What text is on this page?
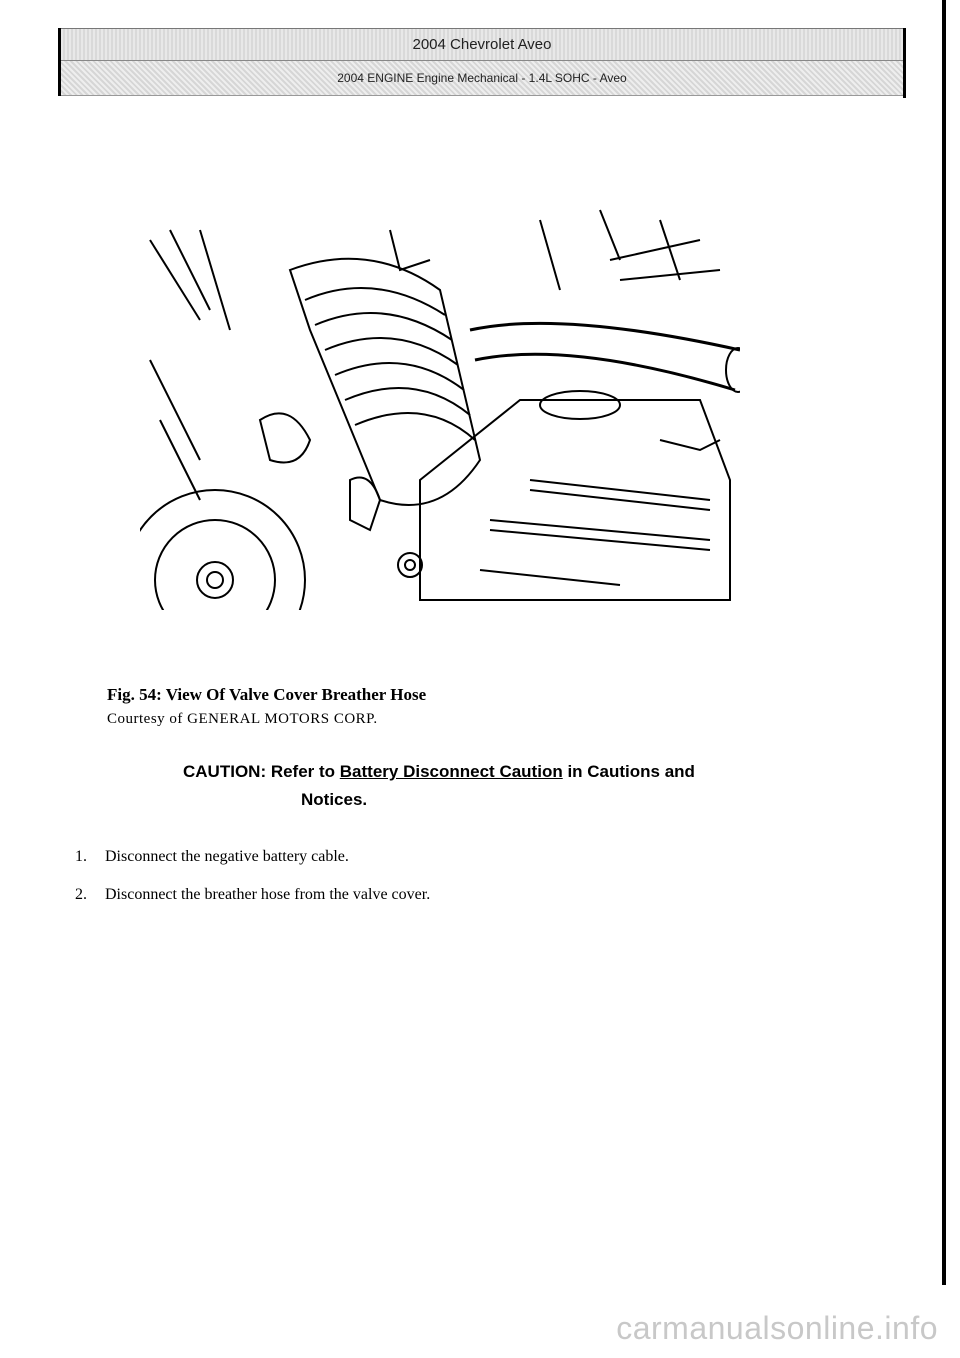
2004 Chevrolet Aveo
2004 ENGINE Engine Mechanical - 1.4L SOHC - Aveo
Fig. 54: View Of Valve Cover Breather Hose
Courtesy of GENERAL MOTORS CORP.
CAUTION: Refer to Battery Disconnect Caution in Cautions and
Notices.
1. Disconnect the negative battery cable.
2. Disconnect the breather hose from the valve cover.
carmanualsonline.info
